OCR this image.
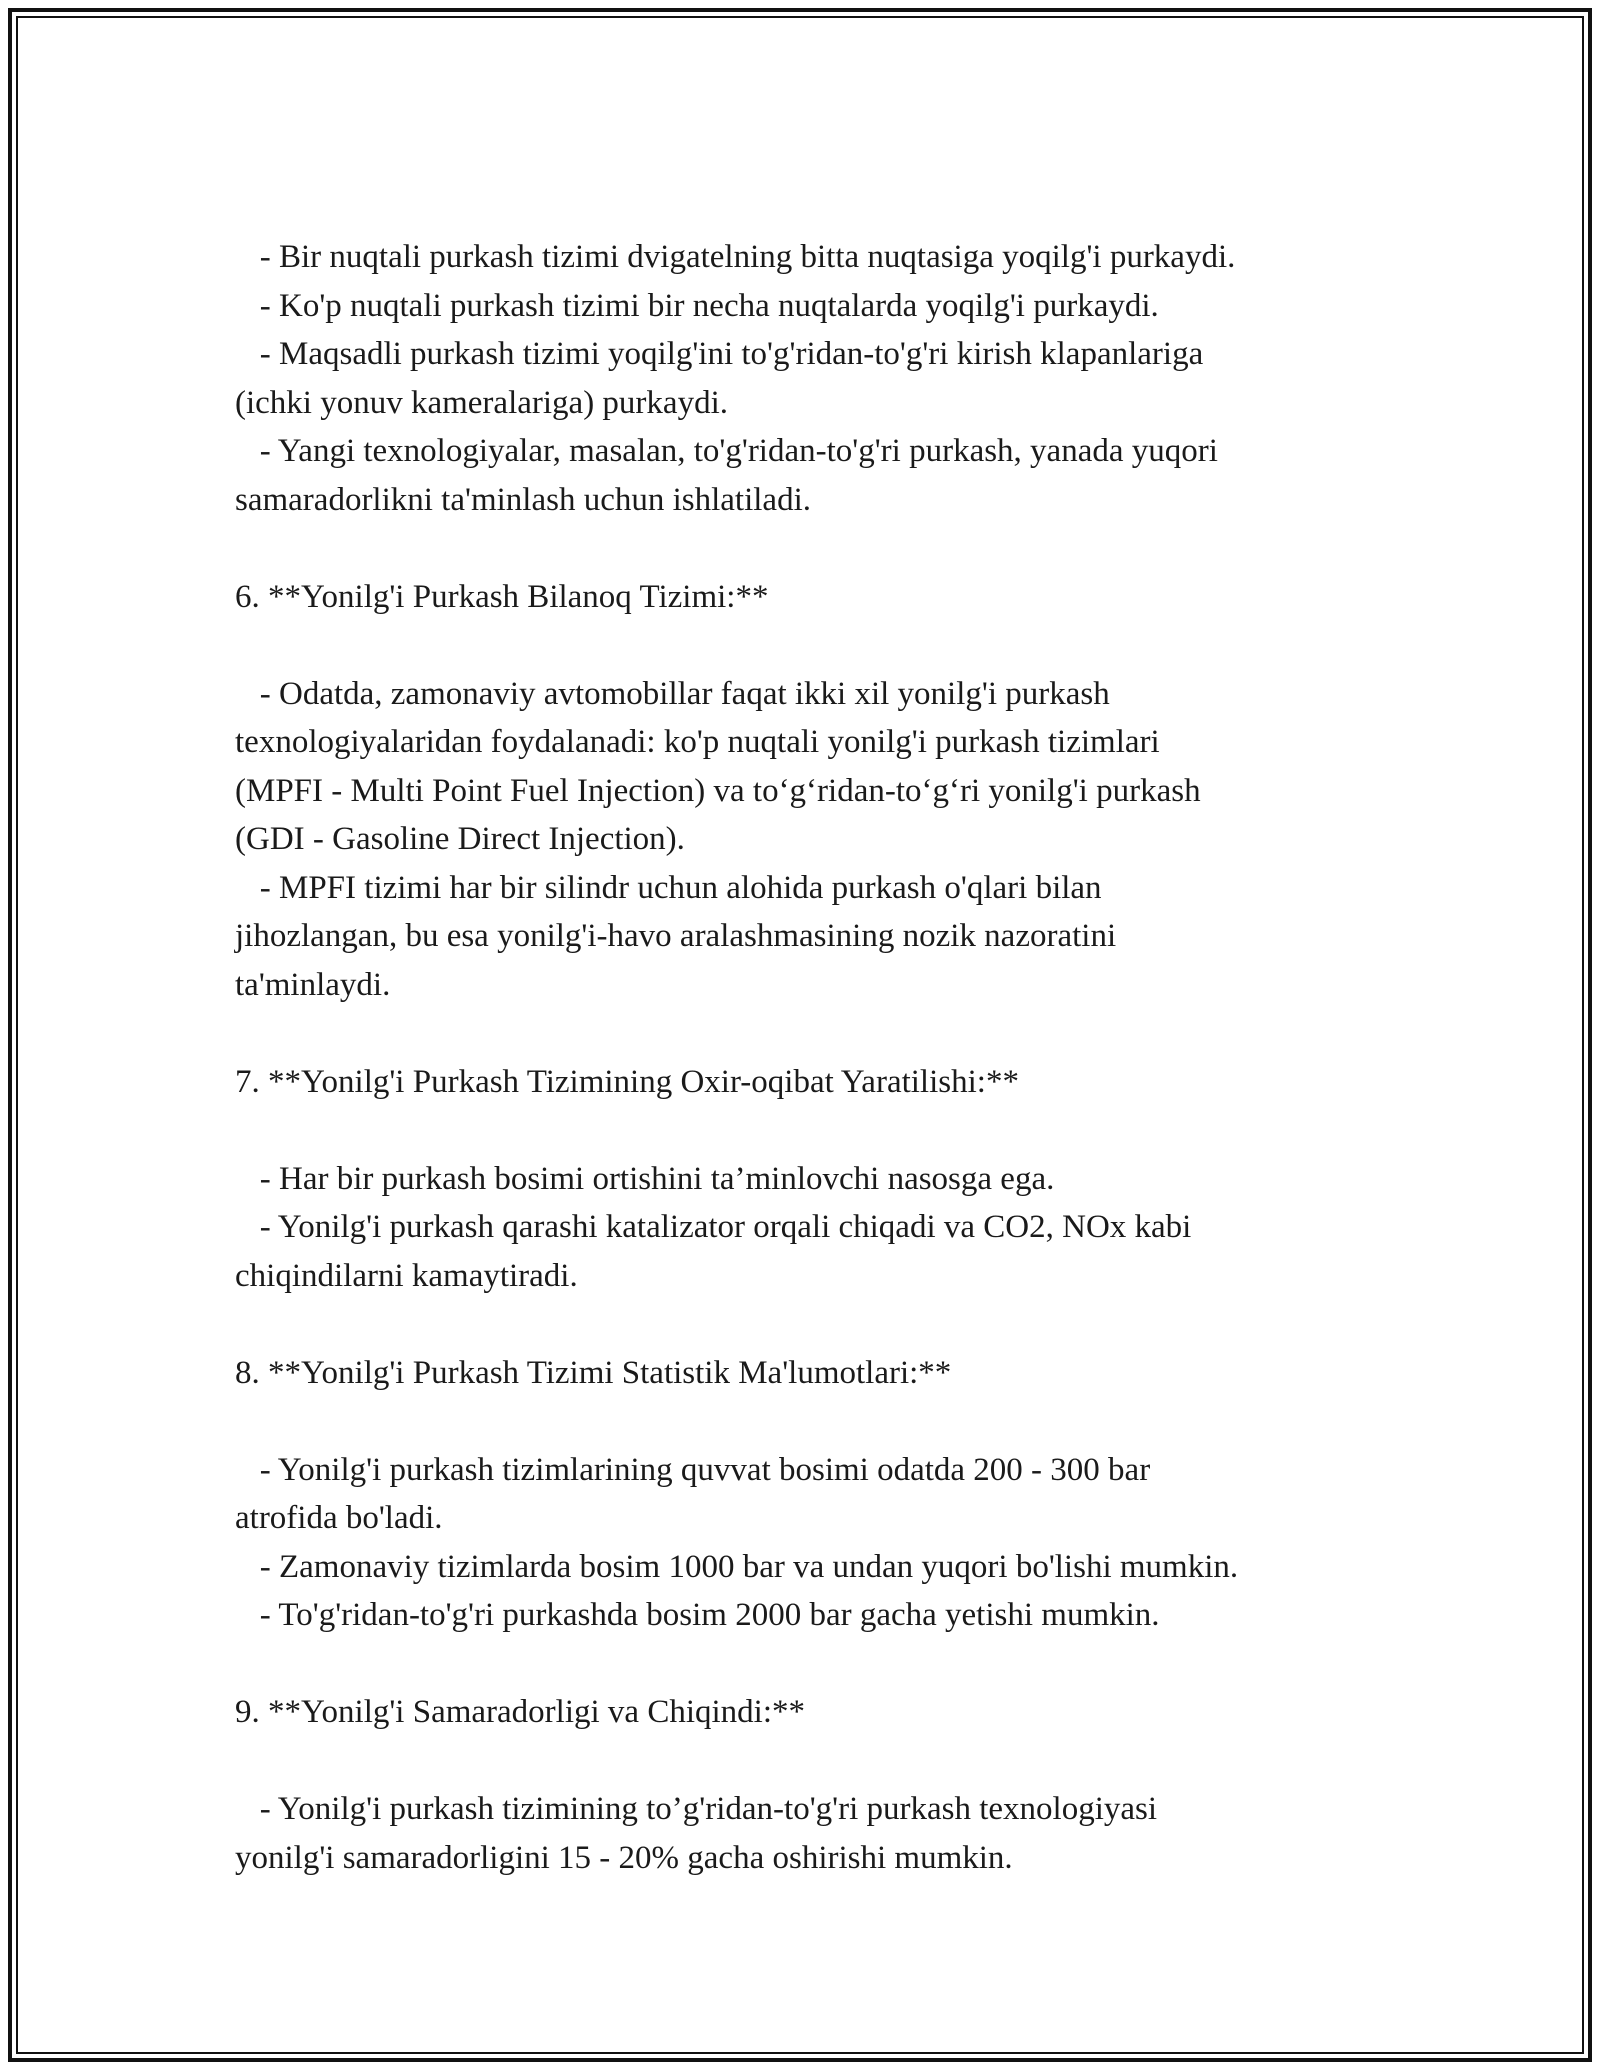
- Bir nuqtali purkash tizimi dvigatelning bitta nuqtasiga yoqilg'i purkaydi.

- Ko'p nuqtali purkash tizimi bir necha nuqtalarda yoqilg'i purkaydi.

- Maqsadli purkash tizimi yoqilg'ini to'g'ridan-to'g'ri kirish klapanlariga

(ichki yonuv kameralariga) purkaydi.

- Yangi texnologiyalar, masalan, to'g'ridan-to'g'ri purkash, yanada yuqori

samaradorlikni ta'minlash uchun ishlatiladi.

6. **Yonilg'i Purkash Bilanoq Tizimi:**

- Odatda, zamonaviy avtomobillar faqat ikki xil yonilg'i purkash

texnologiyalaridan foydalanadi: ko'p nuqtali yonilg'i purkash tizimlari

(MPFI - Multi Point Fuel Injection) va to‘g‘ridan-to‘g‘ri yonilg'i purkash

(GDI - Gasoline Direct Injection).

- MPFI tizimi har bir silindr uchun alohida purkash o'qlari bilan

jihozlangan, bu esa yonilg'i-havo aralashmasining nozik nazoratini

ta'minlaydi.

7. **Yonilg'i Purkash Tizimining Oxir-oqibat Yaratilishi:**

- Har bir purkash bosimi ortishini ta’minlovchi nasosga ega.

- Yonilg'i purkash qarashi katalizator orqali chiqadi va CO2, NOx kabi

chiqindilarni kamaytiradi.

8. **Yonilg'i Purkash Tizimi Statistik Ma'lumotlari:**

- Yonilg'i purkash tizimlarining quvvat bosimi odatda 200 - 300 bar

atrofida bo'ladi.

- Zamonaviy tizimlarda bosim 1000 bar va undan yuqori bo'lishi mumkin.

- To'g'ridan-to'g'ri purkashda bosim 2000 bar gacha yetishi mumkin.

9. **Yonilg'i Samaradorligi va Chiqindi:**

- Yonilg'i purkash tizimining to’g'ridan-to'g'ri purkash texnologiyasi

yonilg'i samaradorligini 15 - 20% gacha oshirishi mumkin.
